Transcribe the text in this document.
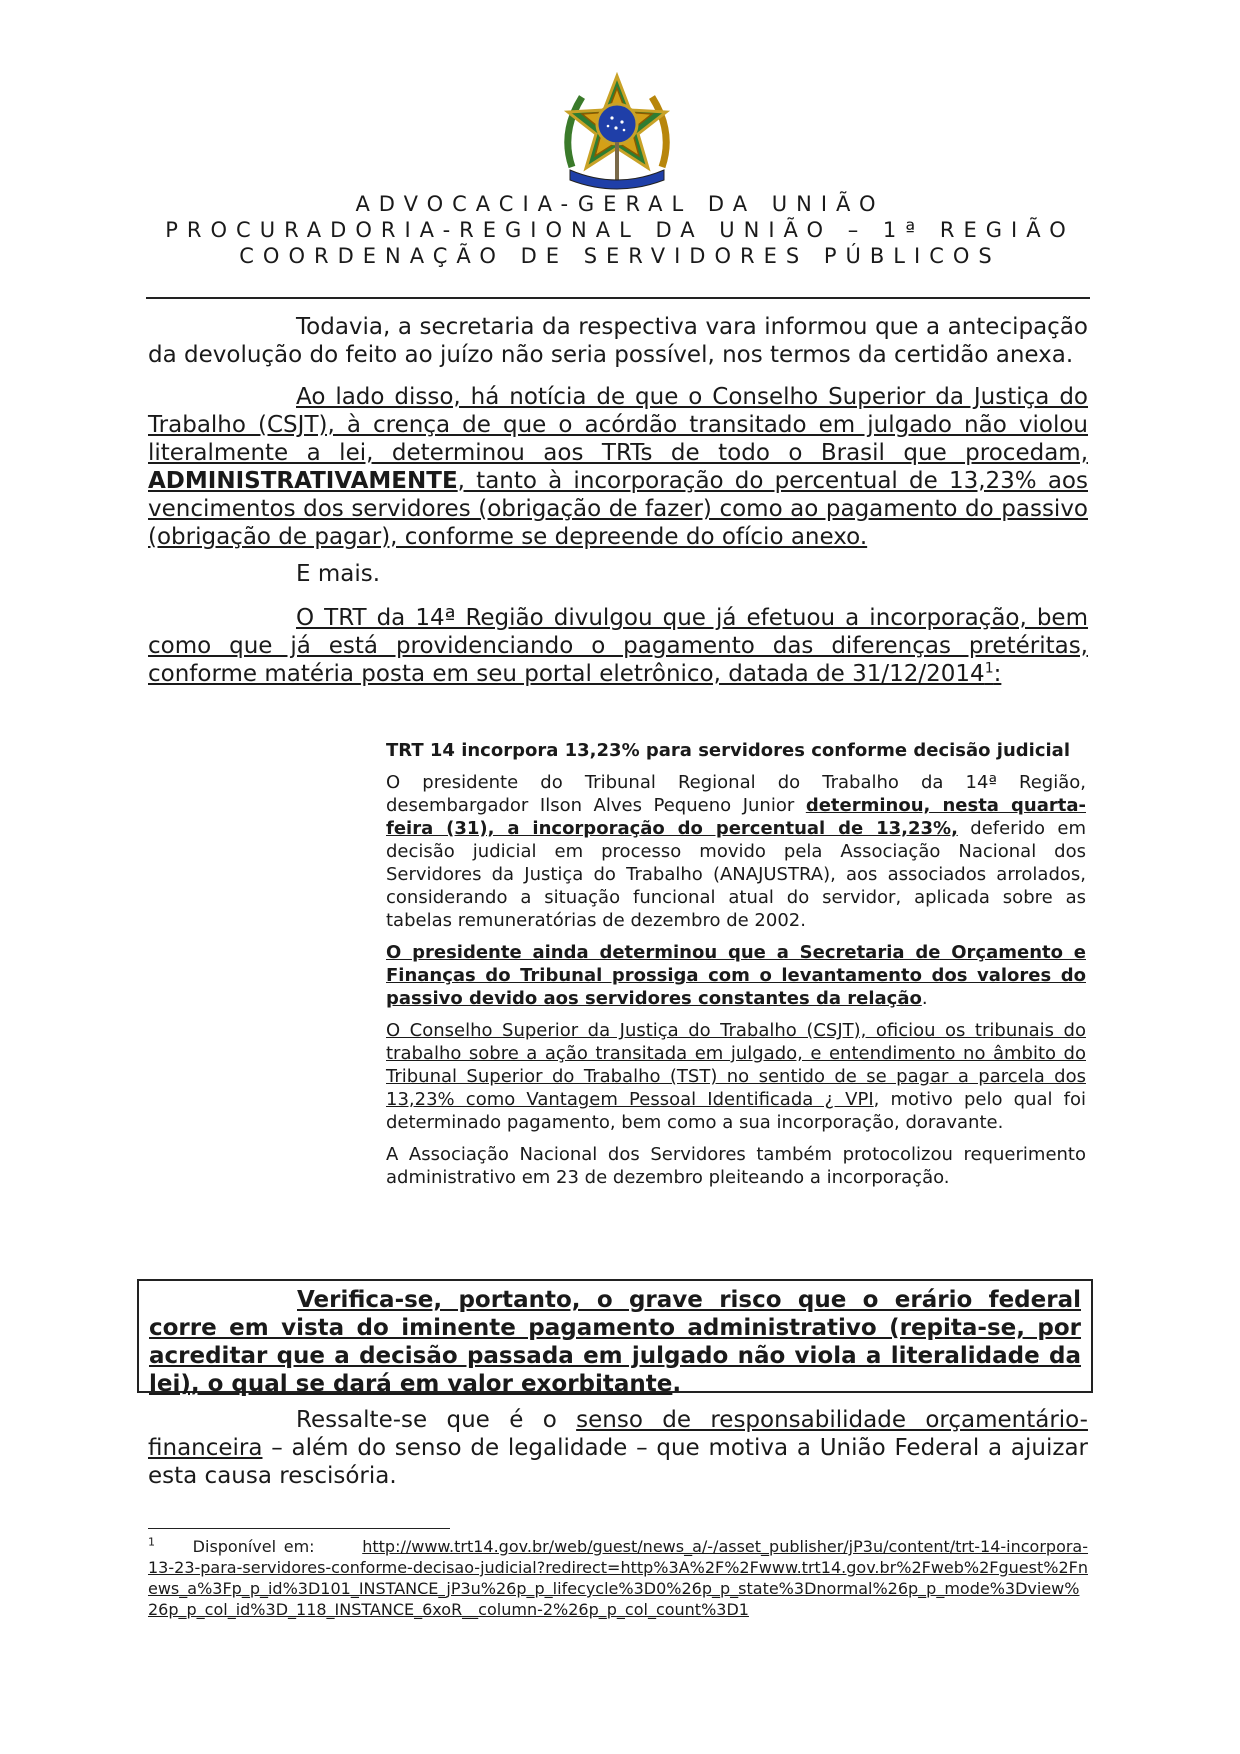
ADVOCACIA-GERAL DA UNIÃO
PROCURADORIA-REGIONAL DA UNIÃO – 1ª REGIÃO
COORDENAÇÃO DE SERVIDORES PÚBLICOS

Todavia, a secretaria da respectiva vara informou que a antecipação da devolução do feito ao juízo não seria possível, nos termos da certidão anexa.

Ao lado disso, há notícia de que o Conselho Superior da Justiça do Trabalho (CSJT), à crença de que o acórdão transitado em julgado não violou literalmente a lei, determinou aos TRTs de todo o Brasil que procedam, ADMINISTRATIVAMENTE, tanto à incorporação do percentual de 13,23% aos vencimentos dos servidores (obrigação de fazer) como ao pagamento do passivo (obrigação de pagar), conforme se depreende do ofício anexo.

E mais.

O TRT da 14ª Região divulgou que já efetuou a incorporação, bem como que já está providenciando o pagamento das diferenças pretéritas, conforme matéria posta em seu portal eletrônico, datada de 31/12/2014$^1$:

TRT 14 incorpora 13,23% para servidores conforme decisão judicial

O presidente do Tribunal Regional do Trabalho da 14ª Região, desembargador Ilson Alves Pequeno Junior determinou, nesta quarta-feira (31), a incorporação do percentual de 13,23%, deferido em decisão judicial em processo movido pela Associação Nacional dos Servidores da Justiça do Trabalho (ANAJUSTRA), aos associados arrolados, considerando a situação funcional atual do servidor, aplicada sobre as tabelas remuneratórias de dezembro de 2002.

O presidente ainda determinou que a Secretaria de Orçamento e Finanças do Tribunal prossiga com o levantamento dos valores do passivo devido aos servidores constantes da relação.

O Conselho Superior da Justiça do Trabalho (CSJT), oficiou os tribunais do trabalho sobre a ação transitada em julgado, e entendimento no âmbito do Tribunal Superior do Trabalho (TST) no sentido de se pagar a parcela dos 13,23% como Vantagem Pessoal Identificada ¿ VPI, motivo pelo qual foi determinado pagamento, bem como a sua incorporação, doravante.

A Associação Nacional dos Servidores também protocolizou requerimento administrativo em 23 de dezembro pleiteando a incorporação.

Verifica-se, portanto, o grave risco que o erário federal corre em vista do iminente pagamento administrativo (repita-se, por acreditar que a decisão passada em julgado não viola a literalidade da lei), o qual se dará em valor exorbitante.

Ressalte-se que é o senso de responsabilidade orçamentário-financeira – além do senso de legalidade – que motiva a União Federal a ajuizar esta causa rescisória.

$^1$ Disponível em:	http://www.trt14.gov.br/web/guest/news_a/-/asset_publisher/jP3u/content/trt-14-incorpora-13-23-para-servidores-conforme-decisao-judicial?redirect=http%3A%2F%2Fwww.trt14.gov.br%2Fweb%2Fguest%2Fnews_a%3Fp_p_id%3D101_INSTANCE_jP3u%26p_p_lifecycle%3D0%26p_p_state%3Dnormal%26p_p_mode%3Dview%26p_p_col_id%3D_118_INSTANCE_6xoR__column-2%26p_p_col_count%3D1
